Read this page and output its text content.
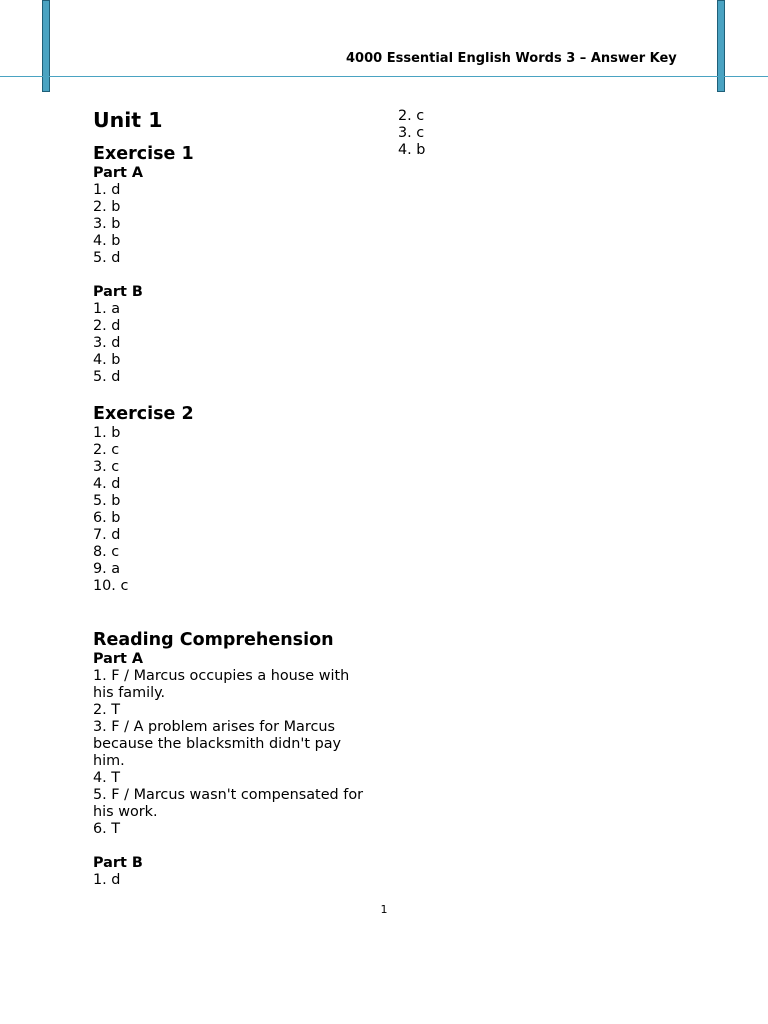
4000 Essential English Words 3 – Answer Key
Unit 1
Exercise 1
Part A
1. d
2. b
3. b
4. b
5. d
Part B
1. a
2. d
3. d
4. b
5. d
Exercise 2
1. b
2. c
3. c
4. d
5. b
6. b
7. d
8. c
9. a
10. c
Reading Comprehension
Part A
1. F / Marcus occupies a house with his family.
2. T
3. F / A problem arises for Marcus because the blacksmith didn't pay him.
4. T
5. F / Marcus wasn't compensated for his work.
6. T
Part B
1. d
2. c
3. c
4. b
1
